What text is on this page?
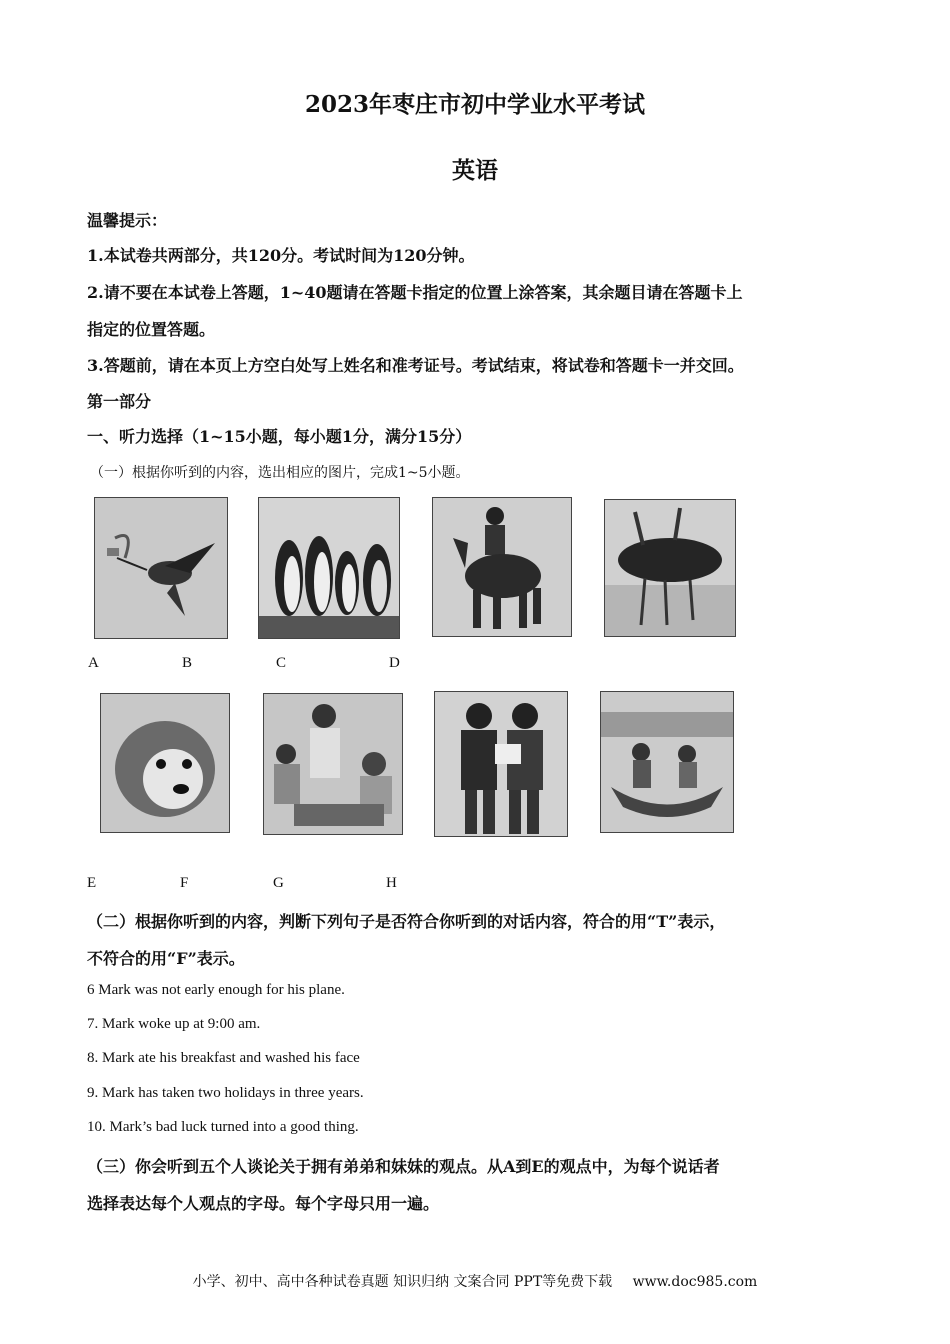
2023年枣庄市初中学业水平考试
英语
温馨提示：
1.本试卷共两部分，共120分。考试时间为120分钟。
2.请不要在本试卷上答题，1~40题请在答题卡指定的位置上涂答案，其余题目请在答题卡上
指定的位置答题。
3.答题前，请在本页上方空白处写上姓名和准考证号。考试结束，将试卷和答题卡一并交回。
第一部分
一、听力选择（1~15小题，每小题1分，满分15分）
（一）根据你听到的内容，选出相应的图片，完成1~5小题。
A	B	C	D
E	F	G	H
（二）根据你听到的内容，判断下列句子是否符合你听到的对话内容，符合的用“T”表示，
不符合的用“F”表示。
6 Mark was not early enough for his plane.
7. Mark woke up at 9:00 am.
8. Mark ate his breakfast and washed his face
9. Mark has taken two holidays in three years.
10. Mark’s bad luck turned into a good thing.
（三）你会听到五个人谈论关于拥有弟弟和妹妹的观点。从A到E的观点中，为每个说话者
选择表达每个人观点的字母。每个字母只用一遍。
小学、初中、高中各种试卷真题 知识归纳 文案合同 PPT等免费下载 www.doc985.com
